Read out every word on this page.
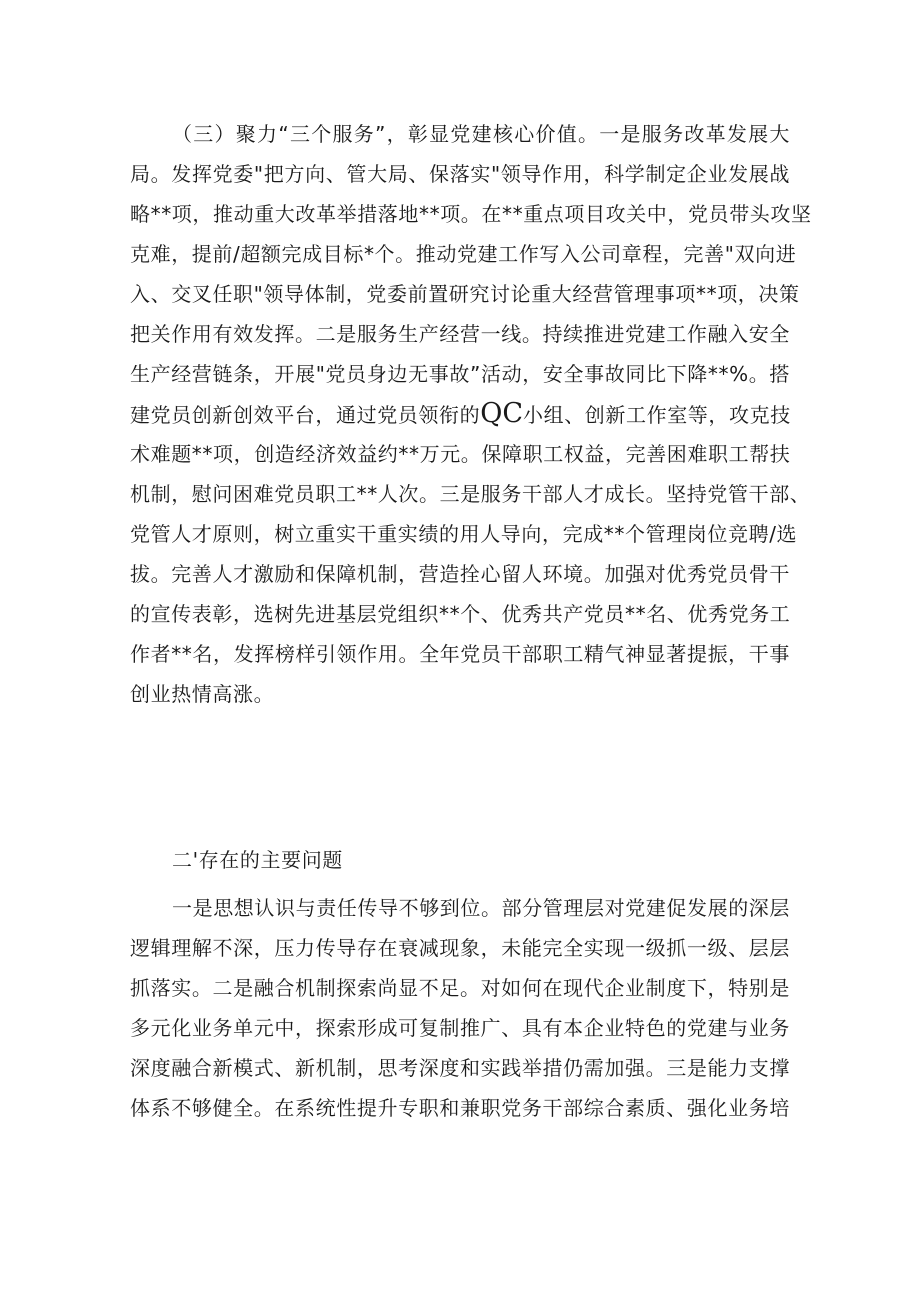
（三）聚力“三个服务”，彰显党建核心价值。一是服务改革发展大
局。发挥党委"把方向、管大局、保落实"领导作用，科学制定企业发展战
略**项，推动重大改革举措落地**项。在**重点项目攻关中，党员带头攻坚
克难，提前/超额完成目标*个。推动党建工作写入公司章程，完善"双向进
入、交叉任职"领导体制，党委前置研究讨论重大经营管理事项**项，决策
把关作用有效发挥。二是服务生产经营一线。持续推进党建工作融入安全
生产经营链条，开展"党员身边无事故”活动，安全事故同比下降**%。搭
建党员创新创效平台，通过党员领衔的QC小组、创新工作室等，攻克技
术难题**项，创造经济效益约**万元。保障职工权益，完善困难职工帮扶
机制，慰问困难党员职工**人次。三是服务干部人才成长。坚持党管干部、
党管人才原则，树立重实干重实绩的用人导向，完成**个管理岗位竞聘/选
拔。完善人才激励和保障机制，营造拴心留人环境。加强对优秀党员骨干
的宣传表彰，选树先进基层党组织**个、优秀共产党员**名、优秀党务工
作者**名，发挥榜样引领作用。全年党员干部职工精气神显著提振，干事
创业热情高涨。
二'存在的主要问题
一是思想认识与责任传导不够到位。部分管理层对党建促发展的深层
逻辑理解不深，压力传导存在衰减现象，未能完全实现一级抓一级、层层
抓落实。二是融合机制探索尚显不足。对如何在现代企业制度下，特别是
多元化业务单元中，探索形成可复制推广、具有本企业特色的党建与业务
深度融合新模式、新机制，思考深度和实践举措仍需加强。三是能力支撑
体系不够健全。在系统性提升专职和兼职党务干部综合素质、强化业务培
